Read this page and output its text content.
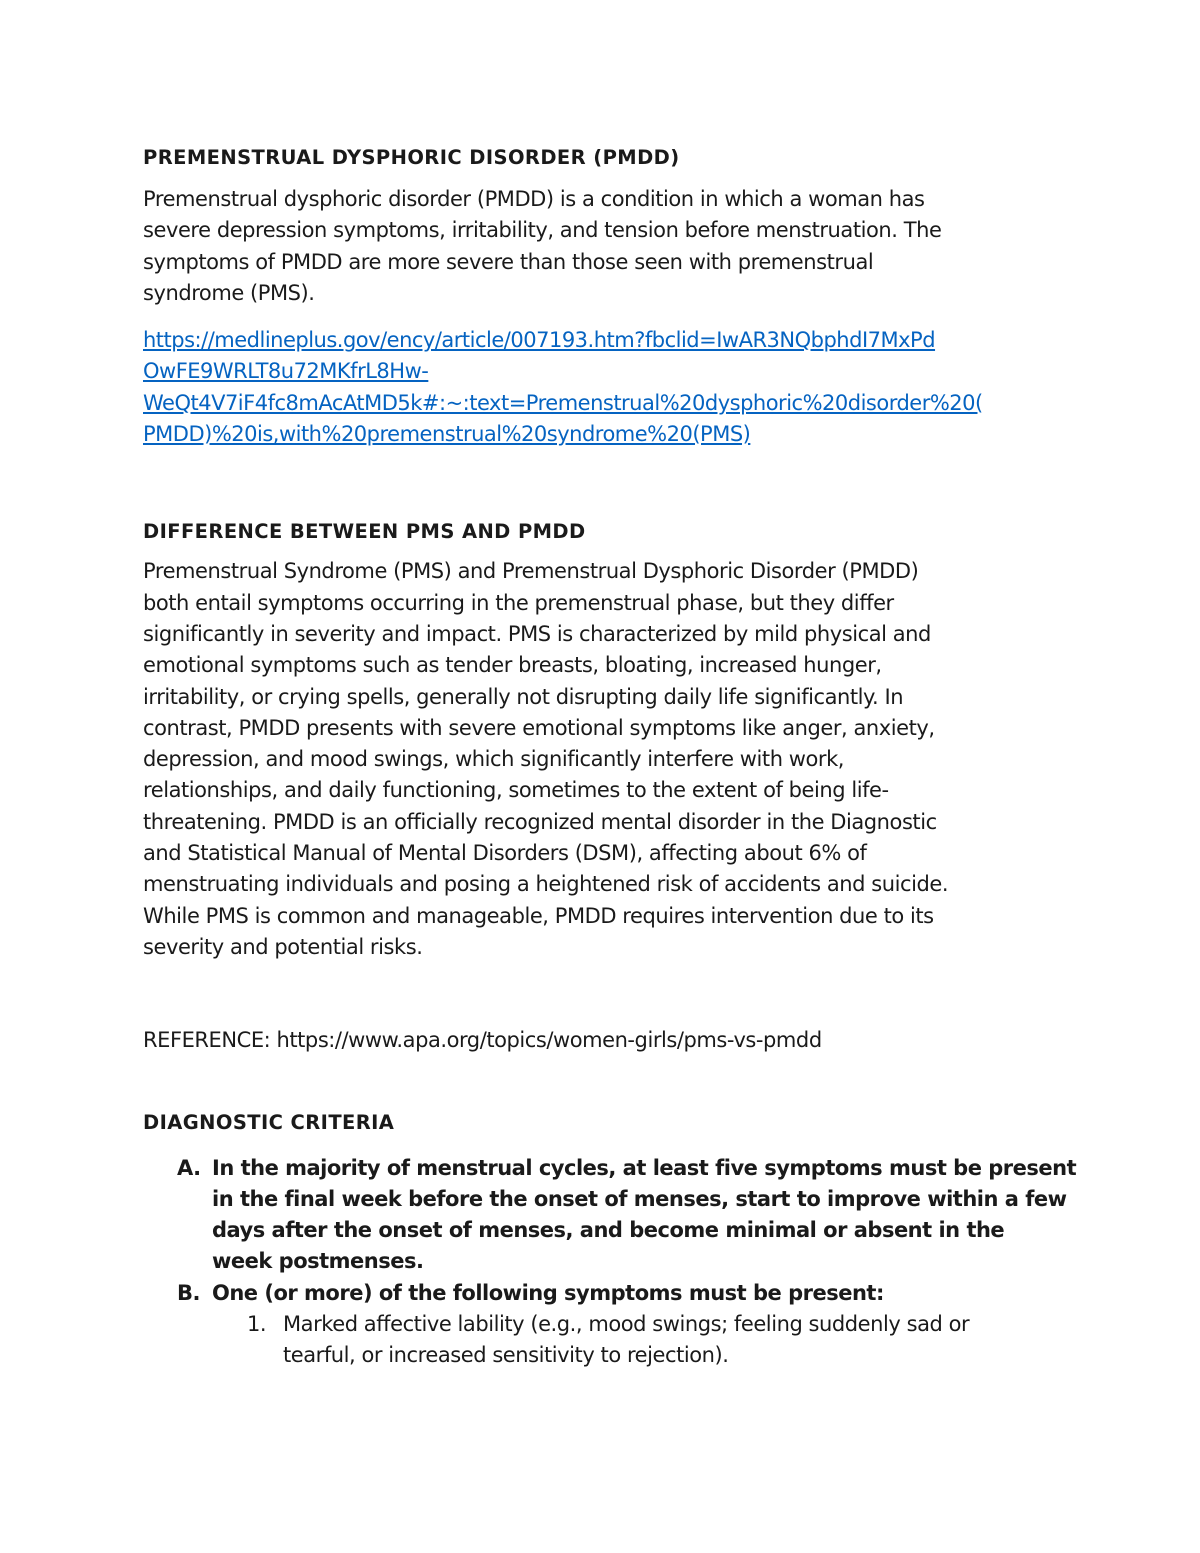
PREMENSTRUAL DYSPHORIC DISORDER (PMDD)

Premenstrual dysphoric disorder (PMDD) is a condition in which a woman has
severe depression symptoms, irritability, and tension before menstruation. The
symptoms of PMDD are more severe than those seen with premenstrual
syndrome (PMS).

https://medlineplus.gov/ency/article/007193.htm?fbclid=IwAR3NQbphdI7MxPd
OwFE9WRLT8u72MKfrL8Hw-
WeQt4V7iF4fc8mAcAtMD5k#:~:text=Premenstrual%20dysphoric%20disorder%20(
PMDD)%20is,with%20premenstrual%20syndrome%20(PMS)

DIFFERENCE BETWEEN PMS AND PMDD

Premenstrual Syndrome (PMS) and Premenstrual Dysphoric Disorder (PMDD)
both entail symptoms occurring in the premenstrual phase, but they differ
significantly in severity and impact. PMS is characterized by mild physical and
emotional symptoms such as tender breasts, bloating, increased hunger,
irritability, or crying spells, generally not disrupting daily life significantly. In
contrast, PMDD presents with severe emotional symptoms like anger, anxiety,
depression, and mood swings, which significantly interfere with work,
relationships, and daily functioning, sometimes to the extent of being life-
threatening. PMDD is an officially recognized mental disorder in the Diagnostic
and Statistical Manual of Mental Disorders (DSM), affecting about 6% of
menstruating individuals and posing a heightened risk of accidents and suicide.
While PMS is common and manageable, PMDD requires intervention due to its
severity and potential risks.

REFERENCE: https://www.apa.org/topics/women-girls/pms-vs-pmdd

DIAGNOSTIC CRITERIA
A. In the majority of menstrual cycles, at least five symptoms must be present
in the final week before the onset of menses, start to improve within a few
days after the onset of menses, and become minimal or absent in the
week postmenses.
B. One (or more) of the following symptoms must be present:
1. Marked affective lability (e.g., mood swings; feeling suddenly sad or
tearful, or increased sensitivity to rejection).
